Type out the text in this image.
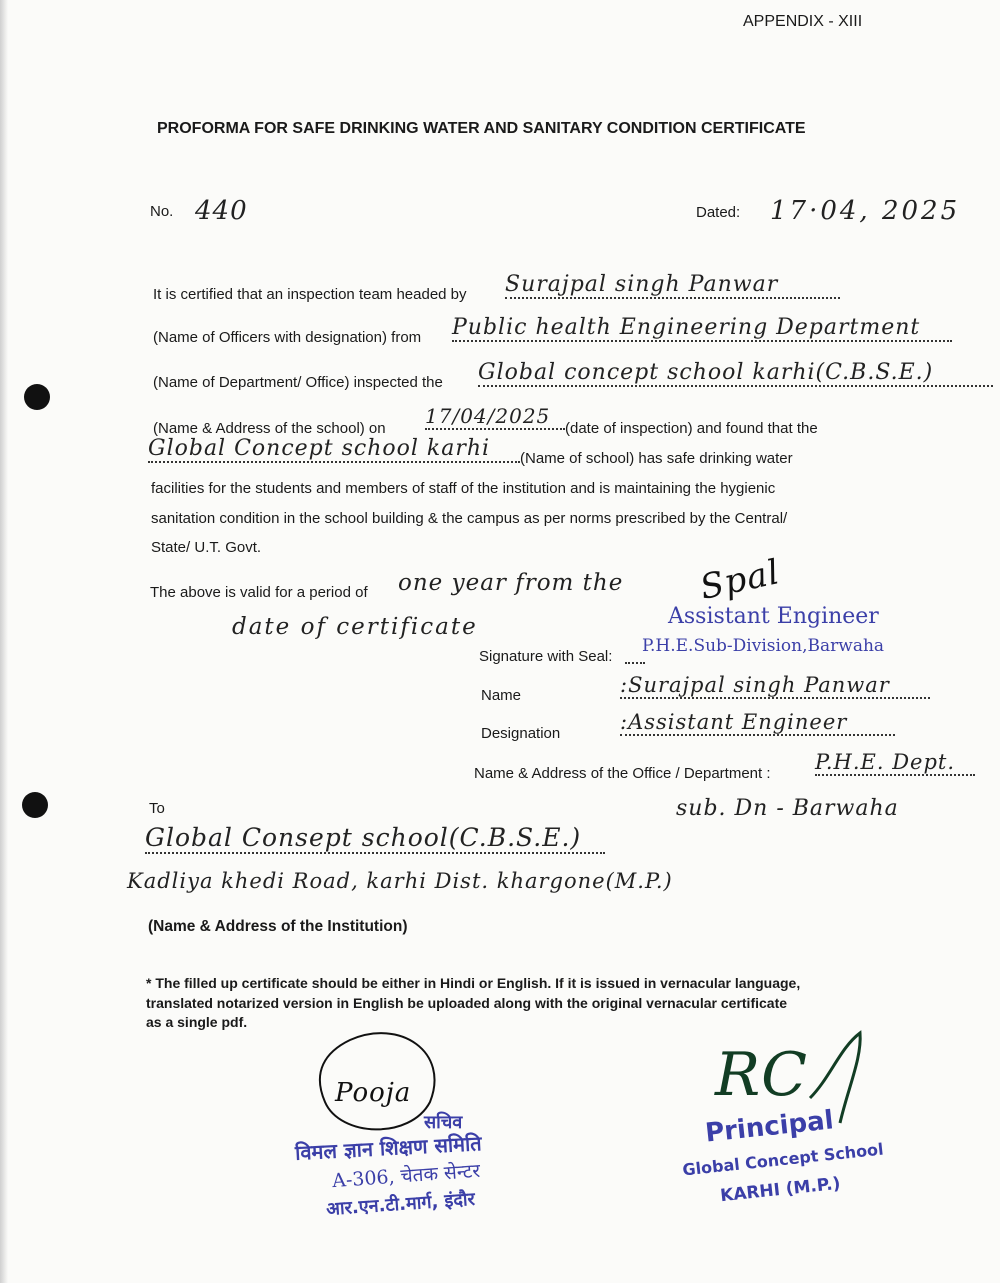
APPENDIX - XIII
PROFORMA FOR SAFE DRINKING WATER AND SANITARY CONDITION CERTIFICATE
No. 440	Dated: 17·04, 2025
It is certified that an inspection team headed by Surajpal singh Panwar
(Name of Officers with designation) from Public health Engineering Department
(Name of Department/ Office) inspected the Global concept school karhi(C.B.S.E.)
(Name & Address of the school) on
17/04/2025
(date of inspection) and found that the
Global Concept school karhi	(Name of school) has safe drinking water
facilities for the students and members of staff of the institution and is maintaining the hygienic
sanitation condition in the school building & the campus as per norms prescribed by the Central/
State/ U.T. Govt.
The above is valid for a period of one year from the
date of certificate	Assistant Engineer
P.H.E.Sub-Division,Barwaha
Spal
Signature with Seal:
Name	:Surajpal singh Panwar
Designation	:Assistant Engineer
Name & Address of the Office / Department : P.H.E. Dept.
sub. Dn - Barwaha
To
Global Consept school(C.B.S.E.)
Kadliya khedi Road, karhi Dist. khargone(M.P.)
(Name & Address of the Institution)
* The filled up certificate should be either in Hindi or English. If it is issued in vernacular language,
translated notarized version in English be uploaded along with the original vernacular certificate
as a single pdf.
Pooja
सचिव
विमल ज्ञान शिक्षण समिति
A-306, चेतक सेन्टर
आर.एन.टी.मार्ग, इंदौर
RC
Principal
Global Concept School
KARHI (M.P.)
